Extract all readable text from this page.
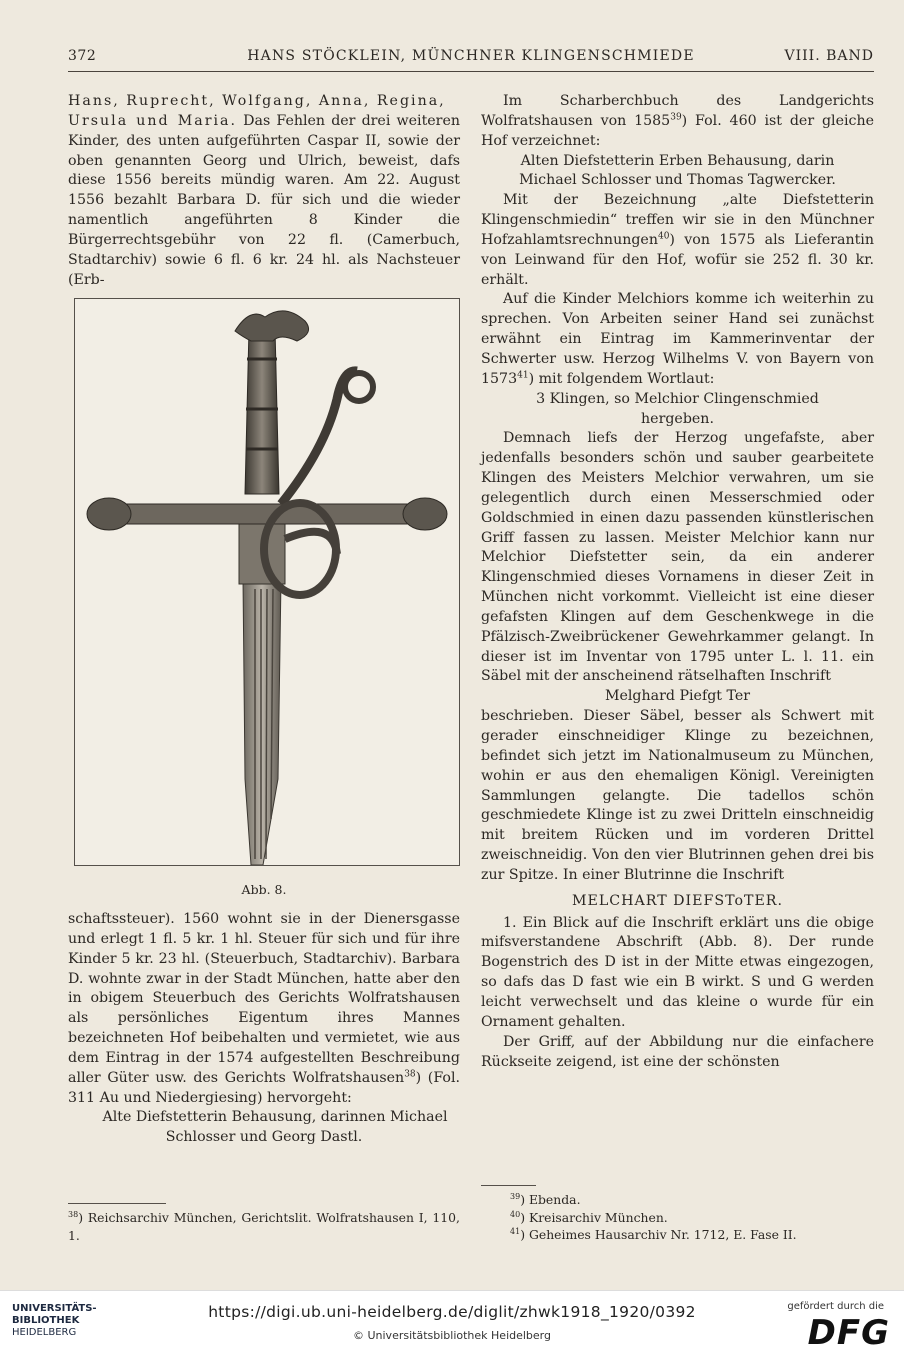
372	HANS STÖCKLEIN, MÜNCHNER KLINGENSCHMIEDE	VIII. BAND

Hans, Ruprecht, Wolfgang, Anna, Regina,
Ursula und Maria. Das Fehlen der drei weiteren Kinder, des unten aufgeführten Caspar II, sowie der oben genannten Georg und Ulrich, beweist, dafs diese 1556 bereits mündig waren. Am 22. August 1556 bezahlt Barbara D. für sich und die wieder namentlich angeführten 8 Kinder die Bürgerrechtsgebühr von 22 fl. (Camerbuch, Stadtarchiv) sowie 6 fl. 6 kr. 24 hl. als Nachsteuer (Erb-

Abb. 8.

schaftssteuer). 1560 wohnt sie in der Dienersgasse und erlegt 1 fl. 5 kr. 1 hl. Steuer für sich und für ihre Kinder 5 kr. 23 hl. (Steuerbuch, Stadtarchiv). Barbara D. wohnte zwar in der Stadt München, hatte aber den in obigem Steuerbuch des Gerichts Wolfratshausen als persönliches Eigentum ihres Mannes bezeichneten Hof beibehalten und vermietet, wie aus dem Eintrag in der 1574 aufgestellten Beschreibung aller Güter usw. des Gerichts Wolfratshausen$^{38}$) (Fol. 311 Au und Niedergiesing) hervorgeht:

Alte Diefstetterin Behausung, darinnen Michael Schlosser und Georg Dastl.

$^{38}$) Reichsarchiv München, Gerichtslit. Wolfratshausen I, 110, 1.

Im Scharberchbuch des Landgerichts Wolfratshausen von 1585$^{39}$) Fol. 460 ist der gleiche Hof verzeichnet:

Alten Diefstetterin Erben Behausung, darin
Michael Schlosser und Thomas Tagwercker.

Mit der Bezeichnung „alte Diefstetterin Klingenschmiedin“ treffen wir sie in den Münchner Hofzahlamtsrechnungen$^{40}$) von 1575 als Lieferantin von Leinwand für den Hof, wofür sie 252 fl. 30 kr. erhält.

Auf die Kinder Melchiors komme ich weiterhin zu sprechen. Von Arbeiten seiner Hand sei zunächst erwähnt ein Eintrag im Kammerinventar der Schwerter usw. Herzog Wilhelms V. von Bayern von 1573$^{41}$) mit folgendem Wortlaut:

3 Klingen, so Melchior Clingenschmied
hergeben.

Demnach liefs der Herzog ungefafste, aber jedenfalls besonders schön und sauber gearbeitete Klingen des Meisters Melchior verwahren, um sie gelegentlich durch einen Messerschmied oder Goldschmied in einen dazu passenden künstlerischen Griff fassen zu lassen. Meister Melchior kann nur Melchior Diefstetter sein, da ein anderer Klingenschmied dieses Vornamens in dieser Zeit in München nicht vorkommt. Vielleicht ist eine dieser gefafsten Klingen auf dem Geschenkwege in die Pfälzisch-Zweibrückener Gewehrkammer gelangt. In dieser ist im Inventar von 1795 unter L. l. 11. ein Säbel mit der anscheinend rätselhaften Inschrift

Melghard Piefgt Ter

beschrieben. Dieser Säbel, besser als Schwert mit gerader einschneidiger Klinge zu bezeichnen, befindet sich jetzt im Nationalmuseum zu München, wohin er aus den ehemaligen Königl. Vereinigten Sammlungen gelangte. Die tadellos schön geschmiedete Klinge ist zu zwei Dritteln einschneidig mit breitem Rücken und im vorderen Drittel zweischneidig. Von den vier Blutrinnen gehen drei bis zur Spitze. In einer Blutrinne die Inschrift

MELCHART DIEFSToTER.

1. Ein Blick auf die Inschrift erklärt uns die obige mifsverstandene Abschrift (Abb. 8). Der runde Bogenstrich des D ist in der Mitte etwas eingezogen, so dafs das D fast wie ein B wirkt. S und G werden leicht verwechselt und das kleine o wurde für ein Ornament gehalten.

Der Griff, auf der Abbildung nur die einfachere Rückseite zeigend, ist eine der schönsten

$^{39}$) Ebenda.
$^{40}$) Kreisarchiv München.
$^{41}$) Geheimes Hausarchiv Nr. 1712, E. Fase II.
UNIVERSITÄTS-
BIBLIOTHEK
HEIDELBERG
https://digi.ub.uni-heidelberg.de/diglit/zhwk1918_1920/0392
© Universitätsbibliothek Heidelberg
gefördert durch die
DFG
